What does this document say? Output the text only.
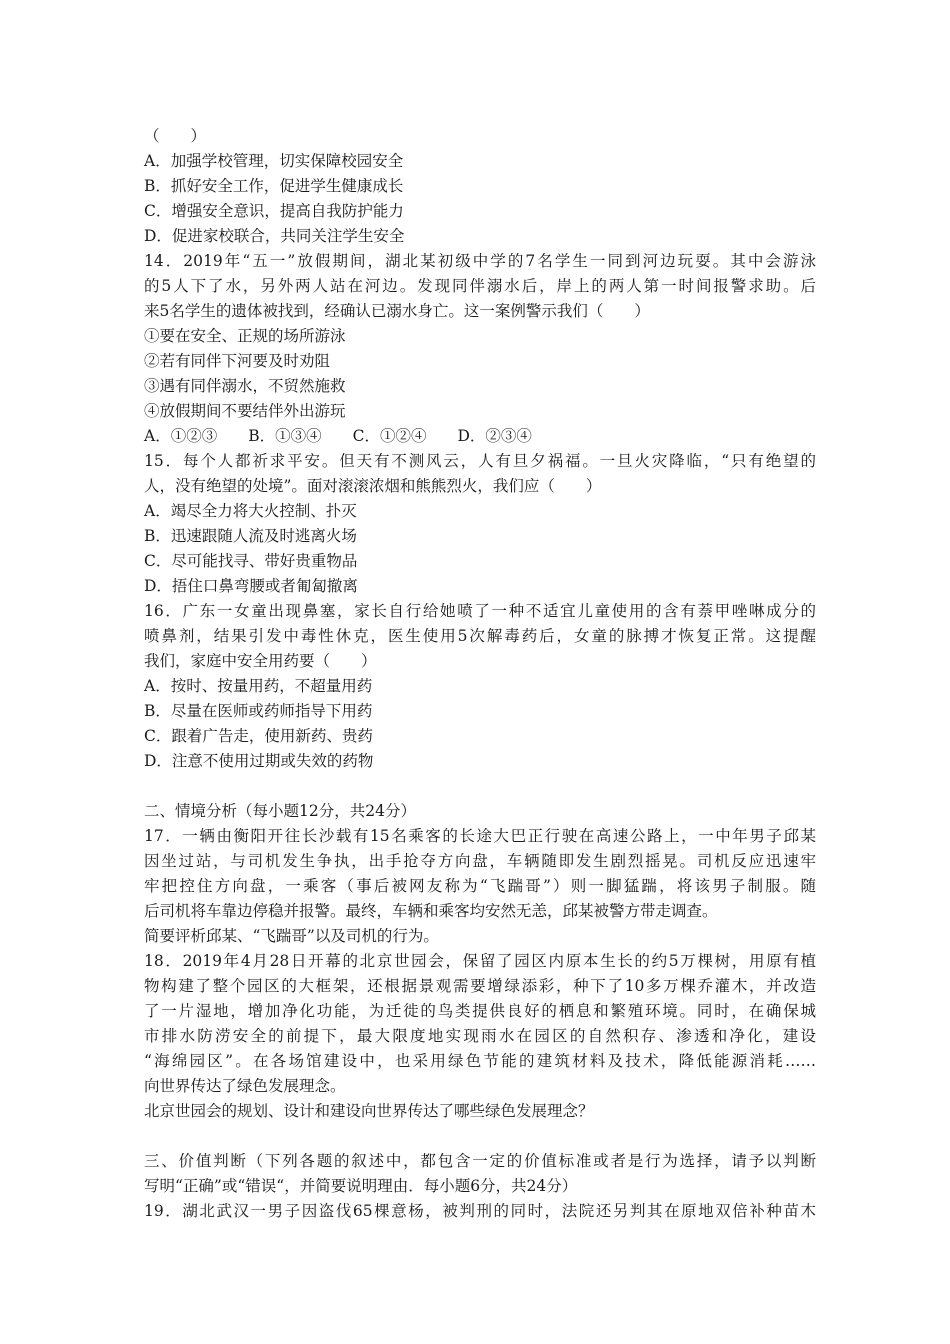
（　　）
A．加强学校管理，切实保障校园安全
B．抓好安全工作，促进学生健康成长
C．增强安全意识，提高自我防护能力
D．促进家校联合，共同关注学生安全
14．2019年“五一”放假期间，湖北某初级中学的7名学生一同到河边玩耍。其中会游泳
的5人下了水，另外两人站在河边。发现同伴溺水后，岸上的两人第一时间报警求助。后
来5名学生的遗体被找到，经确认已溺水身亡。这一案例警示我们（　　）
①要在安全、正规的场所游泳
②若有同伴下河要及时劝阻
③遇有同伴溺水，不贸然施救
④放假期间不要结伴外出游玩
A．①②③　　B．①③④　　C．①②④　　D．②③④
15．每个人都祈求平安。但天有不测风云，人有旦夕祸福。一旦火灾降临，“只有绝望的
人，没有绝望的处境”。面对滚滚浓烟和熊熊烈火，我们应（　　）
A．竭尽全力将大火控制、扑灭
B．迅速跟随人流及时逃离火场
C．尽可能找寻、带好贵重物品
D．捂住口鼻弯腰或者匍匐撤离
16．广东一女童出现鼻塞，家长自行给她喷了一种不适宜儿童使用的含有萘甲唑啉成分的
喷鼻剂，结果引发中毒性休克，医生使用5次解毒药后，女童的脉搏才恢复正常。这提醒
我们，家庭中安全用药要（　　）
A．按时、按量用药，不超量用药
B．尽量在医师或药师指导下用药
C．跟着广告走，使用新药、贵药
D．注意不使用过期或失效的药物
二、情境分析（每小题12分，共24分）
17．一辆由衡阳开往长沙载有15名乘客的长途大巴正行驶在高速公路上，一中年男子邱某
因坐过站，与司机发生争执，出手抢夺方向盘，车辆随即发生剧烈摇晃。司机反应迅速牢
牢把控住方向盘，一乘客（事后被网友称为“飞踹哥”）则一脚猛踹，将该男子制服。随
后司机将车靠边停稳并报警。最终，车辆和乘客均安然无恙，邱某被警方带走调查。
简要评析邱某、“飞踹哥”以及司机的行为。
18．2019年4月28日开幕的北京世园会，保留了园区内原本生长的约5万棵树，用原有植
物构建了整个园区的大框架，还根据景观需要增绿添彩，种下了10多万棵乔灌木，并改造
了一片湿地，增加净化功能，为迁徙的鸟类提供良好的栖息和繁殖环境。同时，在确保城
市排水防涝安全的前提下，最大限度地实现雨水在园区的自然积存、渗透和净化，建设
“海绵园区”。在各场馆建设中，也采用绿色节能的建筑材料及技术，降低能源消耗……
向世界传达了绿色发展理念。
北京世园会的规划、设计和建设向世界传达了哪些绿色发展理念？
三、价值判断（下列各题的叙述中，都包含一定的价值标准或者是行为选择，请予以判断
写明“正确”或“错误“，并简要说明理由．每小题6分，共24分）
19．湖北武汉一男子因盗伐65棵意杨，被判刑的同时，法院还另判其在原地双倍补种苗木
